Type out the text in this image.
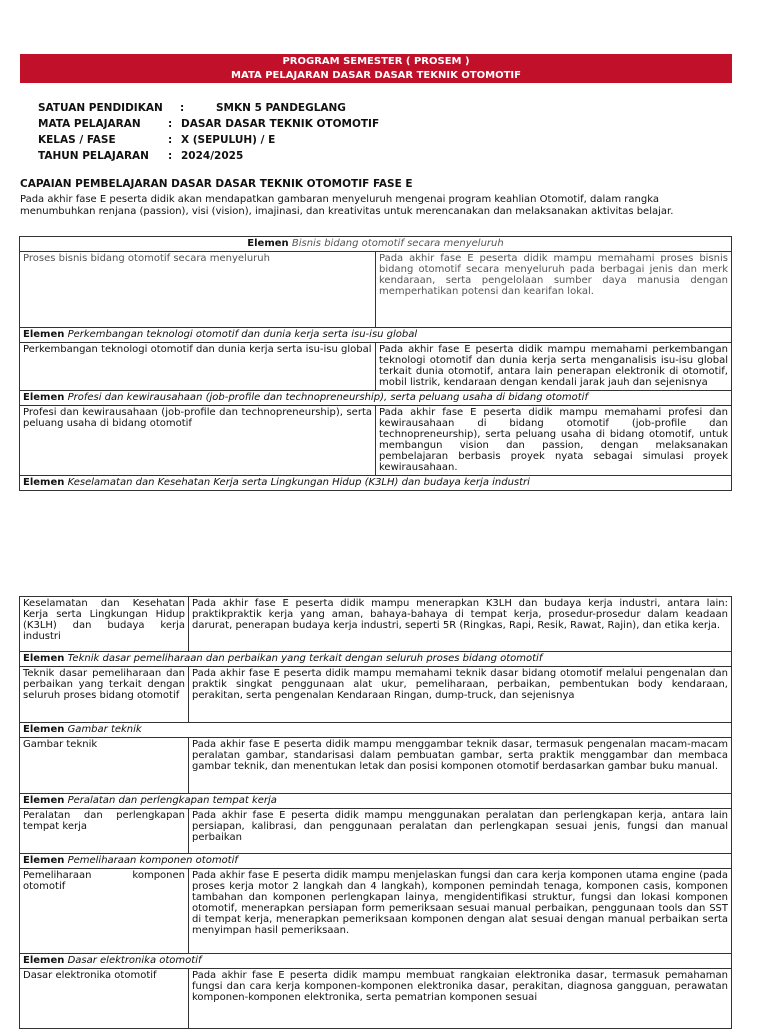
PROGRAM SEMESTER ( PROSEM )
MATA PELAJARAN DASAR DASAR TEKNIK OTOMOTIF
SATUAN PENDIDIKAN :	SMKN 5 PANDEGLANG
MATA PELAJARAN	: DASAR DASAR TEKNIK OTOMOTIF
KELAS / FASE	: X (SEPULUH) / E
TAHUN PELAJARAN : 2024/2025
CAPAIAN PEMBELAJARAN DASAR DASAR TEKNIK OTOMOTIF FASE E
Pada akhir fase E peserta didik akan mendapatkan gambaran menyeluruh mengenai program keahlian Otomotif, dalam rangka menumbuhkan renjana (passion), visi (vision), imajinasi, dan kreativitas untuk merencanakan dan melaksanakan aktivitas belajar.
Elemen Bisnis bidang otomotif secara menyeluruh	
Proses bisnis bidang otomotif secara menyeluruh	Pada akhir fase E peserta didik mampu memahami proses bisnis bidang otomotif secara menyeluruh pada berbagai jenis dan merk kendaraan, serta pengelolaan sumber daya manusia dengan memperhatikan potensi dan kearifan lokal.
Elemen Perkembangan teknologi otomotif dan dunia kerja serta isu-isu global	
Perkembangan teknologi otomotif dan dunia kerja serta isu-isu global	Pada akhir fase E peserta didik mampu memahami perkembangan teknologi otomotif dan dunia kerja serta menganalisis isu-isu global terkait dunia otomotif, antara lain penerapan elektronik di otomotif, mobil listrik, kendaraan dengan kendali jarak jauh dan sejenisnya
Elemen Profesi dan kewirausahaan (job-profile dan technopreneurship), serta peluang usaha di bidang otomotif	
Profesi dan kewirausahaan (job-profile dan technopreneurship), serta peluang usaha di bidang otomotif	Pada akhir fase E peserta didik mampu memahami profesi dan kewirausahaan di bidang otomotif (job-profile dan technopreneurship), serta peluang usaha di bidang otomotif, untuk membangun vision dan passion, dengan melaksanakan pembelajaran berbasis proyek nyata sebagai simulasi proyek kewirausahaan.
Elemen Keselamatan dan Kesehatan Kerja serta Lingkungan Hidup (K3LH) dan budaya kerja industri	
Keselamatan dan Kesehatan Kerja serta Lingkungan Hidup (K3LH) dan budaya kerja industri	Pada akhir fase E peserta didik mampu menerapkan K3LH dan budaya kerja industri, antara lain: praktikpraktik kerja yang aman, bahaya-bahaya di tempat kerja, prosedur-prosedur dalam keadaan darurat, penerapan budaya kerja industri, seperti 5R (Ringkas, Rapi, Resik, Rawat, Rajin), dan etika kerja.
Elemen Teknik dasar pemeliharaan dan perbaikan yang terkait dengan seluruh proses bidang otomotif	
Teknik dasar pemeliharaan dan perbaikan yang terkait dengan seluruh proses bidang otomotif	Pada akhir fase E peserta didik mampu memahami teknik dasar bidang otomotif melalui pengenalan dan praktik singkat penggunaan alat ukur, pemeliharaan, perbaikan, pembentukan body kendaraan, perakitan, serta pengenalan Kendaraan Ringan, dump-truck, dan sejenisnya
Elemen Gambar teknik	
Gambar teknik	Pada akhir fase E peserta didik mampu menggambar teknik dasar, termasuk pengenalan macam-macam peralatan gambar, standarisasi dalam pembuatan gambar, serta praktik menggambar dan membaca gambar teknik, dan menentukan letak dan posisi komponen otomotif berdasarkan gambar buku manual.
Elemen Peralatan dan perlengkapan tempat kerja	
Peralatan dan perlengkapan tempat kerja	Pada akhir fase E peserta didik mampu menggunakan peralatan dan perlengkapan kerja, antara lain persiapan, kalibrasi, dan penggunaan peralatan dan perlengkapan sesuai jenis, fungsi dan manual perbaikan
Elemen Pemeliharaan komponen otomotif	
Pemeliharaan komponen otomotif	Pada akhir fase E peserta didik mampu menjelaskan fungsi dan cara kerja komponen utama engine (pada proses kerja motor 2 langkah dan 4 langkah), komponen pemindah tenaga, komponen casis, komponen tambahan dan komponen perlengkapan lainya, mengidentifikasi struktur, fungsi dan lokasi komponen otomotif, menerapkan persiapan form pemeriksaan sesuai manual perbaikan, penggunaan tools dan SST di tempat kerja, menerapkan pemeriksaan komponen dengan alat sesuai dengan manual perbaikan serta menyimpan hasil pemeriksaan.
Elemen Dasar elektronika otomotif	
Dasar elektronika otomotif	Pada akhir fase E peserta didik mampu membuat rangkaian elektronika dasar, termasuk pemahaman fungsi dan cara kerja komponen-komponen elektronika dasar, perakitan, diagnosa gangguan, perawatan komponen-komponen elektronika, serta pematrian komponen sesuai
